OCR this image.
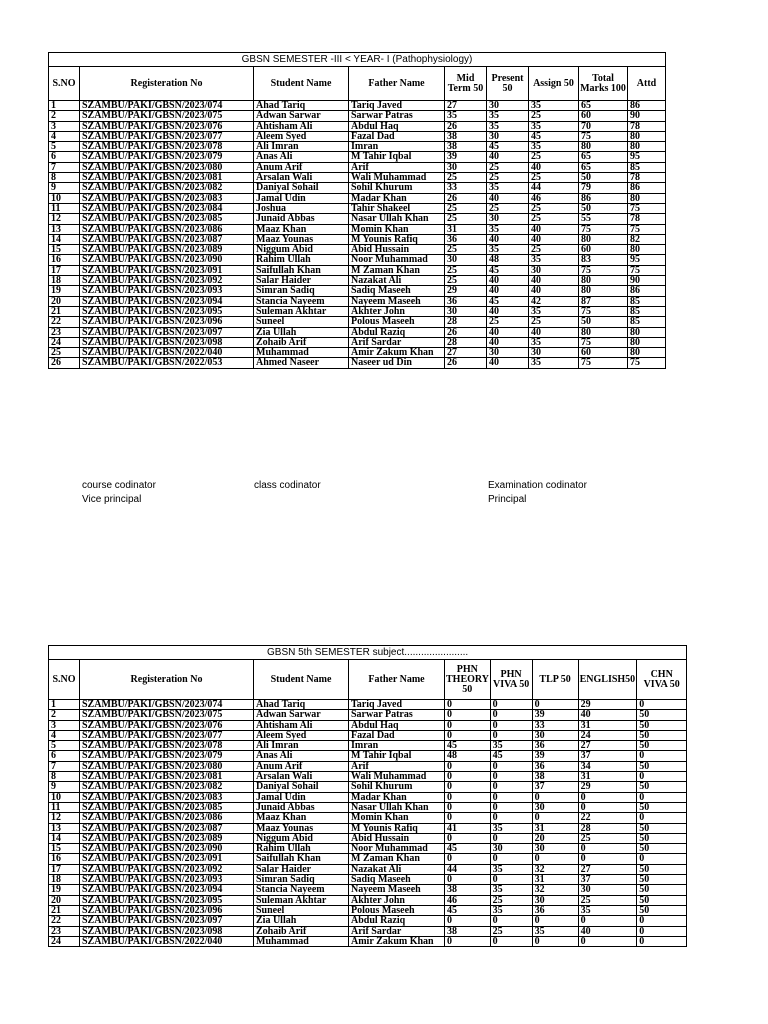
GBSN SEMESTER -III < YEAR- I (Pathophysiology)								
S.NO	Registeration No	Student Name	Father Name	Mid Term 50	Present 50	Assign 50	Total Marks 100	Attd
1	SZAMBU/PAKI/GBSN/2023/074	Ahad Tariq	Tariq Javed	27	30	35	65	86
2	SZAMBU/PAKI/GBSN/2023/075	Adwan Sarwar	Sarwar Patras	35	35	25	60	90
3	SZAMBU/PAKI/GBSN/2023/076	Ahtisham Ali	Abdul Haq	26	35	35	70	78
4	SZAMBU/PAKI/GBSN/2023/077	Aleem Syed	Fazal Dad	38	30	45	75	80
5	SZAMBU/PAKI/GBSN/2023/078	Ali Imran	Imran	38	45	35	80	80
6	SZAMBU/PAKI/GBSN/2023/079	Anas Ali	M Tahir Iqbal	39	40	25	65	95
7	SZAMBU/PAKI/GBSN/2023/080	Anum Arif	Arif	30	25	40	65	85
8	SZAMBU/PAKI/GBSN/2023/081	Arsalan Wali	Wali Muhammad	25	25	25	50	78
9	SZAMBU/PAKI/GBSN/2023/082	Daniyal Sohail	Sohil Khurum	33	35	44	79	86
10	SZAMBU/PAKI/GBSN/2023/083	Jamal Udin	Madar Khan	26	40	46	86	80
11	SZAMBU/PAKI/GBSN/2023/084	Joshua	Tahir Shakeel	25	25	25	50	75
12	SZAMBU/PAKI/GBSN/2023/085	Junaid Abbas	Nasar Ullah Khan	25	30	25	55	78
13	SZAMBU/PAKI/GBSN/2023/086	Maaz Khan	Momin Khan	31	35	40	75	75
14	SZAMBU/PAKI/GBSN/2023/087	Maaz Younas	M Younis Rafiq	36	40	40	80	82
15	SZAMBU/PAKI/GBSN/2023/089	Niggum Abid	Abid Hussain	25	35	25	60	80
16	SZAMBU/PAKI/GBSN/2023/090	Rahim Ullah	Noor Muhammad	30	48	35	83	95
17	SZAMBU/PAKI/GBSN/2023/091	Saifullah Khan	M Zaman Khan	25	45	30	75	75
18	SZAMBU/PAKI/GBSN/2023/092	Salar Haider	Nazakat Ali	25	40	40	80	90
19	SZAMBU/PAKI/GBSN/2023/093	Simran Sadiq	Sadiq Maseeh	29	40	40	80	86
20	SZAMBU/PAKI/GBSN/2023/094	Stancia Nayeem	Nayeem Maseeh	36	45	42	87	85
21	SZAMBU/PAKI/GBSN/2023/095	Suleman Akhtar	Akhter John	30	40	35	75	85
22	SZAMBU/PAKI/GBSN/2023/096	Suneel	Polous Maseeh	28	25	25	50	85
23	SZAMBU/PAKI/GBSN/2023/097	Zia Ullah	Abdul Raziq	26	40	40	80	80
24	SZAMBU/PAKI/GBSN/2023/098	Zohaib Arif	Arif Sardar	28	40	35	75	80
25	SZAMBU/PAKI/GBSN/2022/040	Muhammad	Amir Zakum Khan	27	30	30	60	80
26	SZAMBU/PAKI/GBSN/2022/053	Ahmed Naseer	Naseer ud Din	26	40	35	75	75
course codinator
Vice principal
class codinator	Examination codinator
Principal
GBSN 5th SEMESTER subject.......................								
S.NO	Registeration No	Student Name	Father Name	PHN THEORY 50	PHN VIVA 50	TLP 50	ENGLISH50	CHN VIVA 50
1	SZAMBU/PAKI/GBSN/2023/074	Ahad Tariq	Tariq Javed	0	0	0	29	0
2	SZAMBU/PAKI/GBSN/2023/075	Adwan Sarwar	Sarwar Patras	0	0	39	40	50
3	SZAMBU/PAKI/GBSN/2023/076	Ahtisham Ali	Abdul Haq	0	0	33	31	50
4	SZAMBU/PAKI/GBSN/2023/077	Aleem Syed	Fazal Dad	0	0	30	24	50
5	SZAMBU/PAKI/GBSN/2023/078	Ali Imran	Imran	45	35	36	27	50
6	SZAMBU/PAKI/GBSN/2023/079	Anas Ali	M Tahir Iqbal	48	45	39	37	0
7	SZAMBU/PAKI/GBSN/2023/080	Anum Arif	Arif	0	0	36	34	50
8	SZAMBU/PAKI/GBSN/2023/081	Arsalan Wali	Wali Muhammad	0	0	38	31	0
9	SZAMBU/PAKI/GBSN/2023/082	Daniyal Sohail	Sohil Khurum	0	0	37	29	50
10	SZAMBU/PAKI/GBSN/2023/083	Jamal Udin	Madar Khan	0	0	0	0	0
11	SZAMBU/PAKI/GBSN/2023/085	Junaid Abbas	Nasar Ullah Khan	0	0	30	0	50
12	SZAMBU/PAKI/GBSN/2023/086	Maaz Khan	Momin Khan	0	0	0	22	0
13	SZAMBU/PAKI/GBSN/2023/087	Maaz Younas	M Younis Rafiq	41	35	31	28	50
14	SZAMBU/PAKI/GBSN/2023/089	Niggum Abid	Abid Hussain	0	0	20	25	50
15	SZAMBU/PAKI/GBSN/2023/090	Rahim Ullah	Noor Muhammad	45	30	30	0	50
16	SZAMBU/PAKI/GBSN/2023/091	Saifullah Khan	M Zaman Khan	0	0	0	0	0
17	SZAMBU/PAKI/GBSN/2023/092	Salar Haider	Nazakat Ali	44	35	32	27	50
18	SZAMBU/PAKI/GBSN/2023/093	Simran Sadiq	Sadiq Maseeh	0	0	31	37	50
19	SZAMBU/PAKI/GBSN/2023/094	Stancia Nayeem	Nayeem Maseeh	38	35	32	30	50
20	SZAMBU/PAKI/GBSN/2023/095	Suleman Akhtar	Akhter John	46	25	30	25	50
21	SZAMBU/PAKI/GBSN/2023/096	Suneel	Polous Maseeh	45	35	36	35	50
22	SZAMBU/PAKI/GBSN/2023/097	Zia Ullah	Abdul Raziq	0	0	0	0	0
23	SZAMBU/PAKI/GBSN/2023/098	Zohaib Arif	Arif Sardar	38	25	35	40	0
24	SZAMBU/PAKI/GBSN/2022/040	Muhammad	Amir Zakum Khan	0	0	0	0	0
